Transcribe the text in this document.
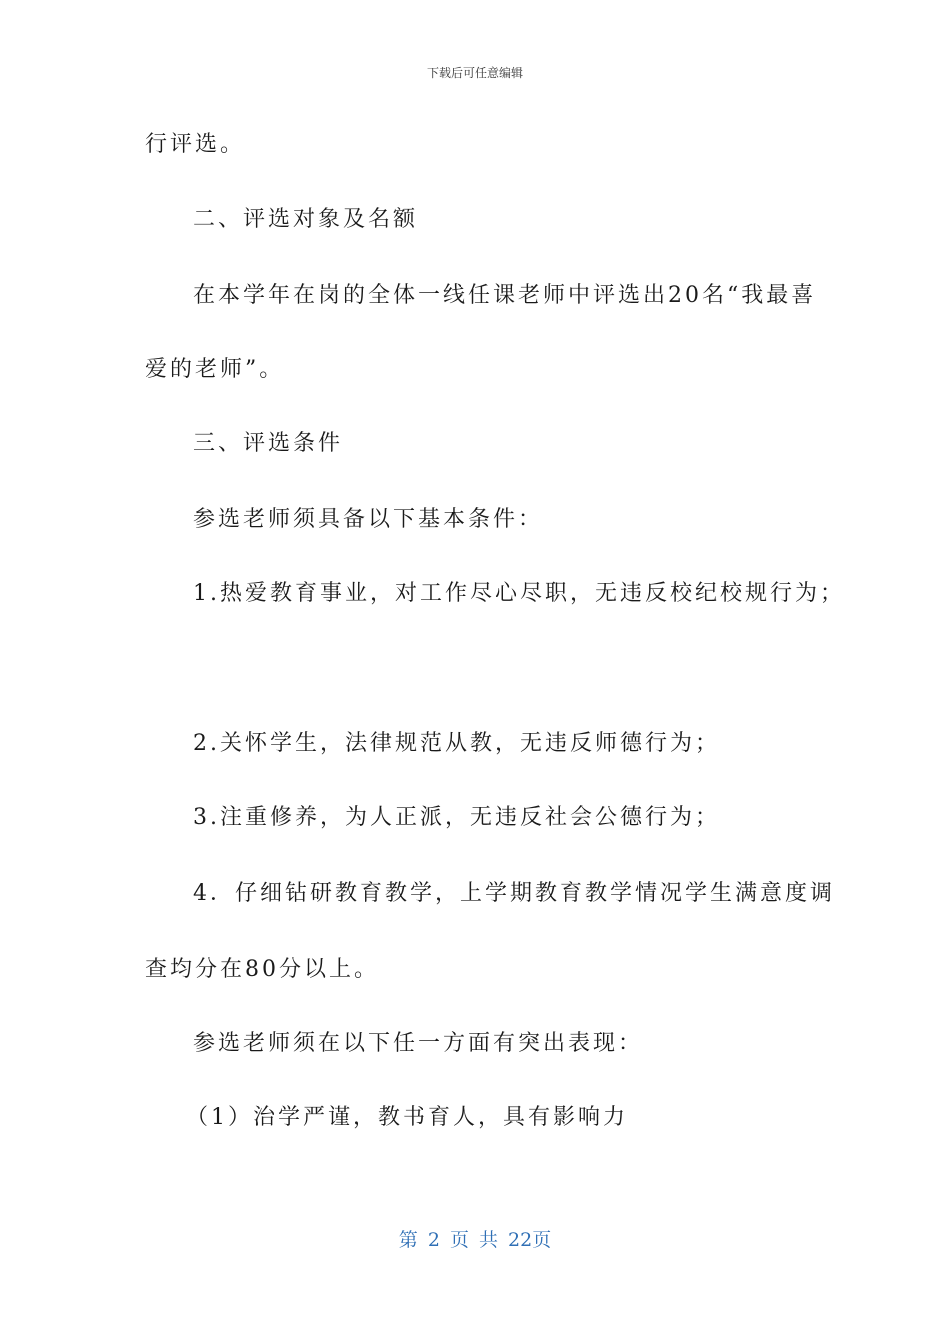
下载后可任意编辑
行评选。
二、评选对象及名额
在本学年在岗的全体一线任课老师中评选出20名“我最喜
爱的老师”。
三、评选条件
参选老师须具备以下基本条件：
1.热爱教育事业，对工作尽心尽职，无违反校纪校规行为；
2.关怀学生，法律规范从教，无违反师德行为；
3.注重修养，为人正派，无违反社会公德行为；
4．仔细钻研教育教学，上学期教育教学情况学生满意度调
查均分在80分以上。
参选老师须在以下任一方面有突出表现：
（1）治学严谨，教书育人，具有影响力
第 2 页 共 22页
